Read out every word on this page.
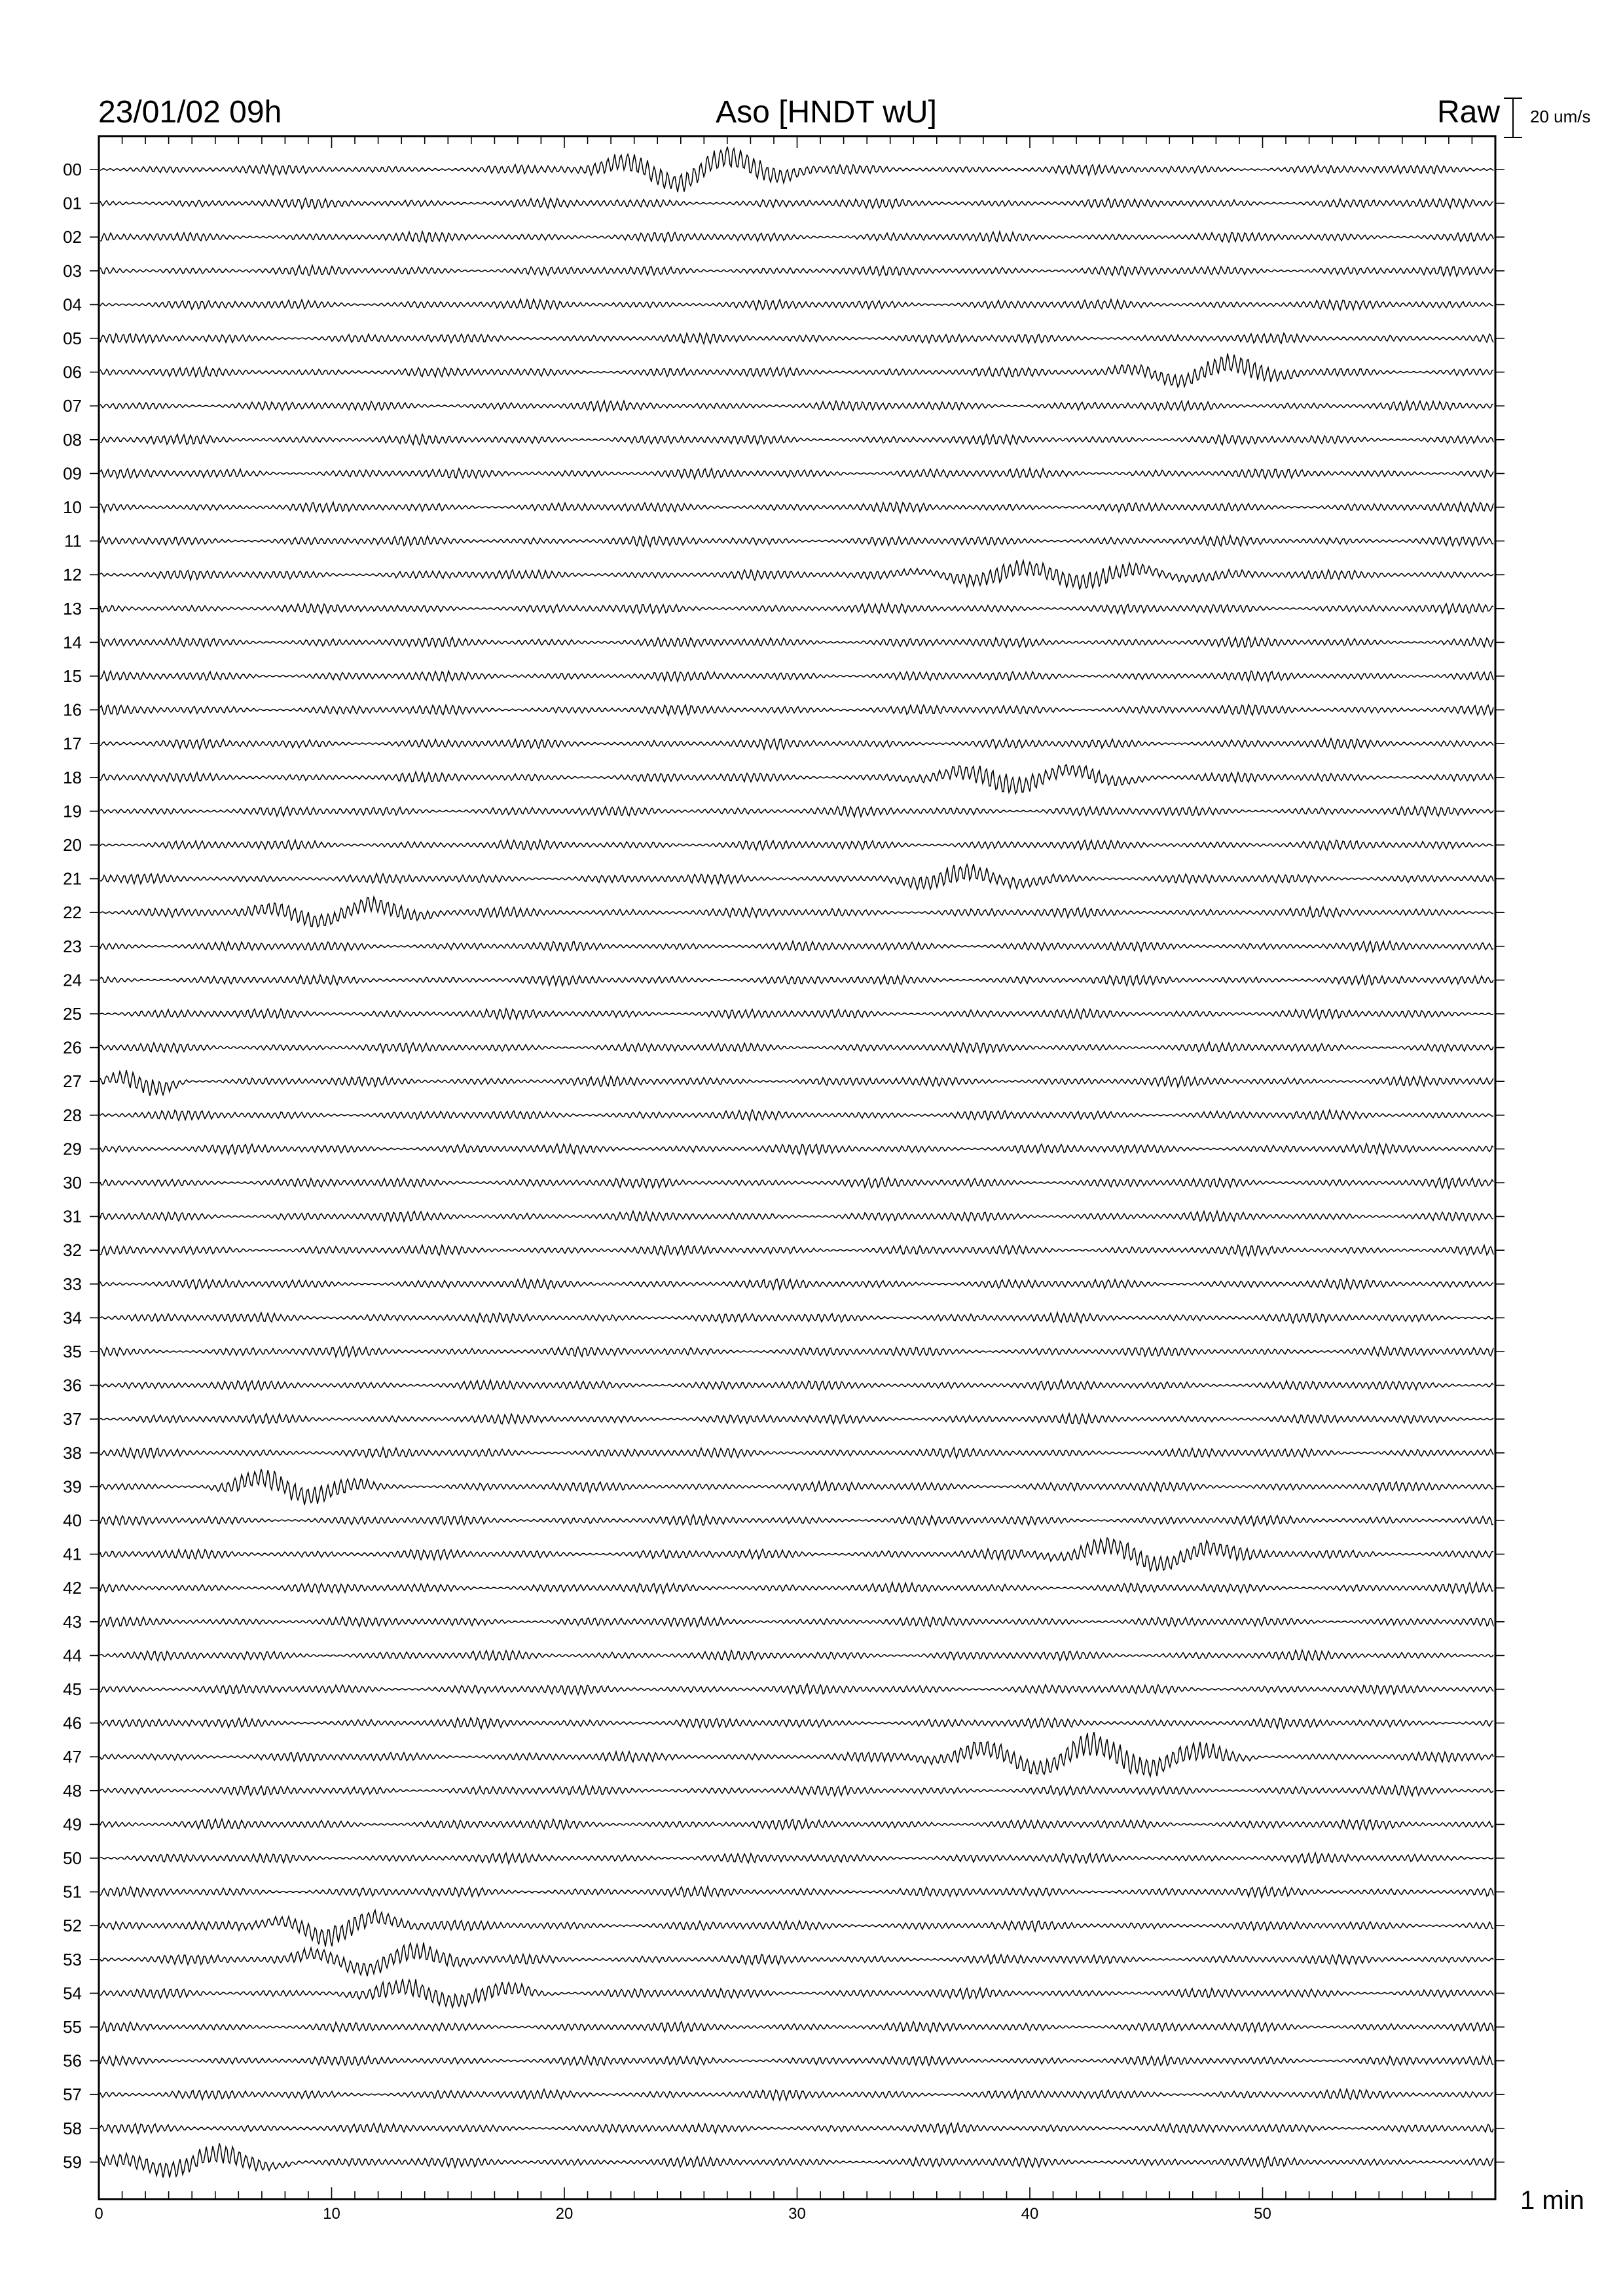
00
01
02
03
04
05
06
07
08
09
10
11
12
13
14
15
16
17
18
19
20
21
22
23
24
25
26
27
28
29
30
31
32
33
34
35
36
37
38
39
40
41
42
43
44
45
46
47
48
49
50
51
52
53
54
55
56
57
58
59
0	10	20	30	40	50
23/01/02 09h	Aso [HNDT wU]	Raw 20 um/s
1 min
